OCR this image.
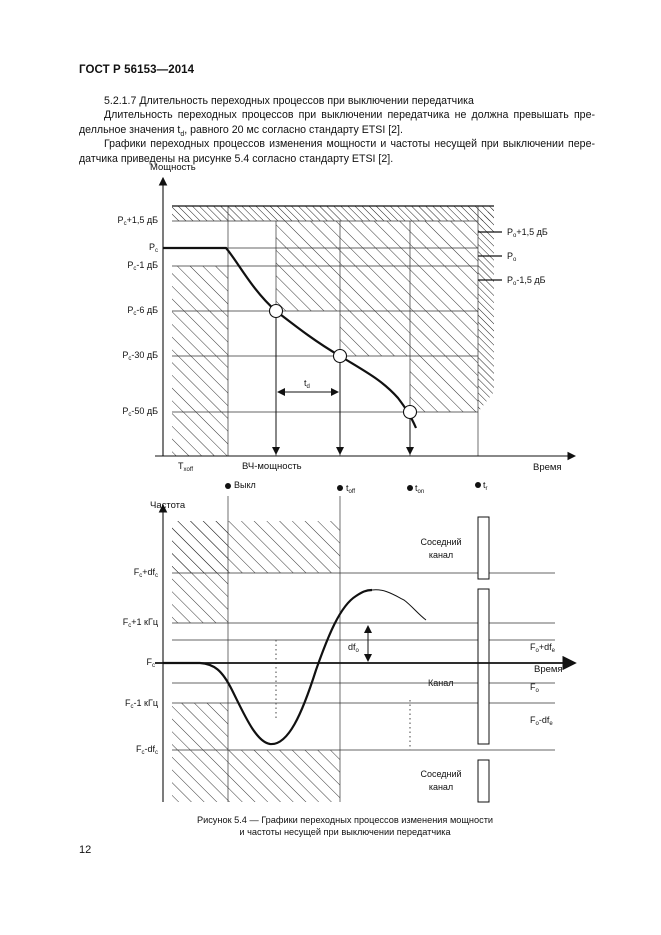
ГОСТ Р 56153—2014

5.2.1.7 Длительность переходных процессов при выключении передатчика

Длительность переходных процессов при выключении передатчика не должна превышать пре-делльное значения $t_d$, равного 20 мс согласно стандарту ETSI [2].

Графики переходных процессов изменения мощности и частоты несущей при выключении пере-датчика приведены на рисунке 5.4 согласно стандарту ETSI [2].

Мощность
Время
$P_c+1,5$ дБ
$P_c$
$P_c-1$ дБ
$P_c-6$ дБ
$P_c-30$ дБ
$P_c-50$ дБ
$P_o+1,5$ дБ
$P_o$
$P_o-1,5$ дБ
$T_{xoff}$	ВЧ-мощность
$t_d$
Выкл	$t_{off}$	$t_{on}$
$t_r$
Частота
Время
$F_c+df_c$
$F_c+1$ кГц
$F_c$
$F_c-1$ кГц
$F_c-df_c$
Соседний
канал
Соседний
канал
Канал
$df_o$	$F_o+df_e$
$F_o$
$F_o-df_e$

Рисунок 5.4 — Графики переходных процессов изменения мощности
и частоты несущей при выключении передатчика

12
